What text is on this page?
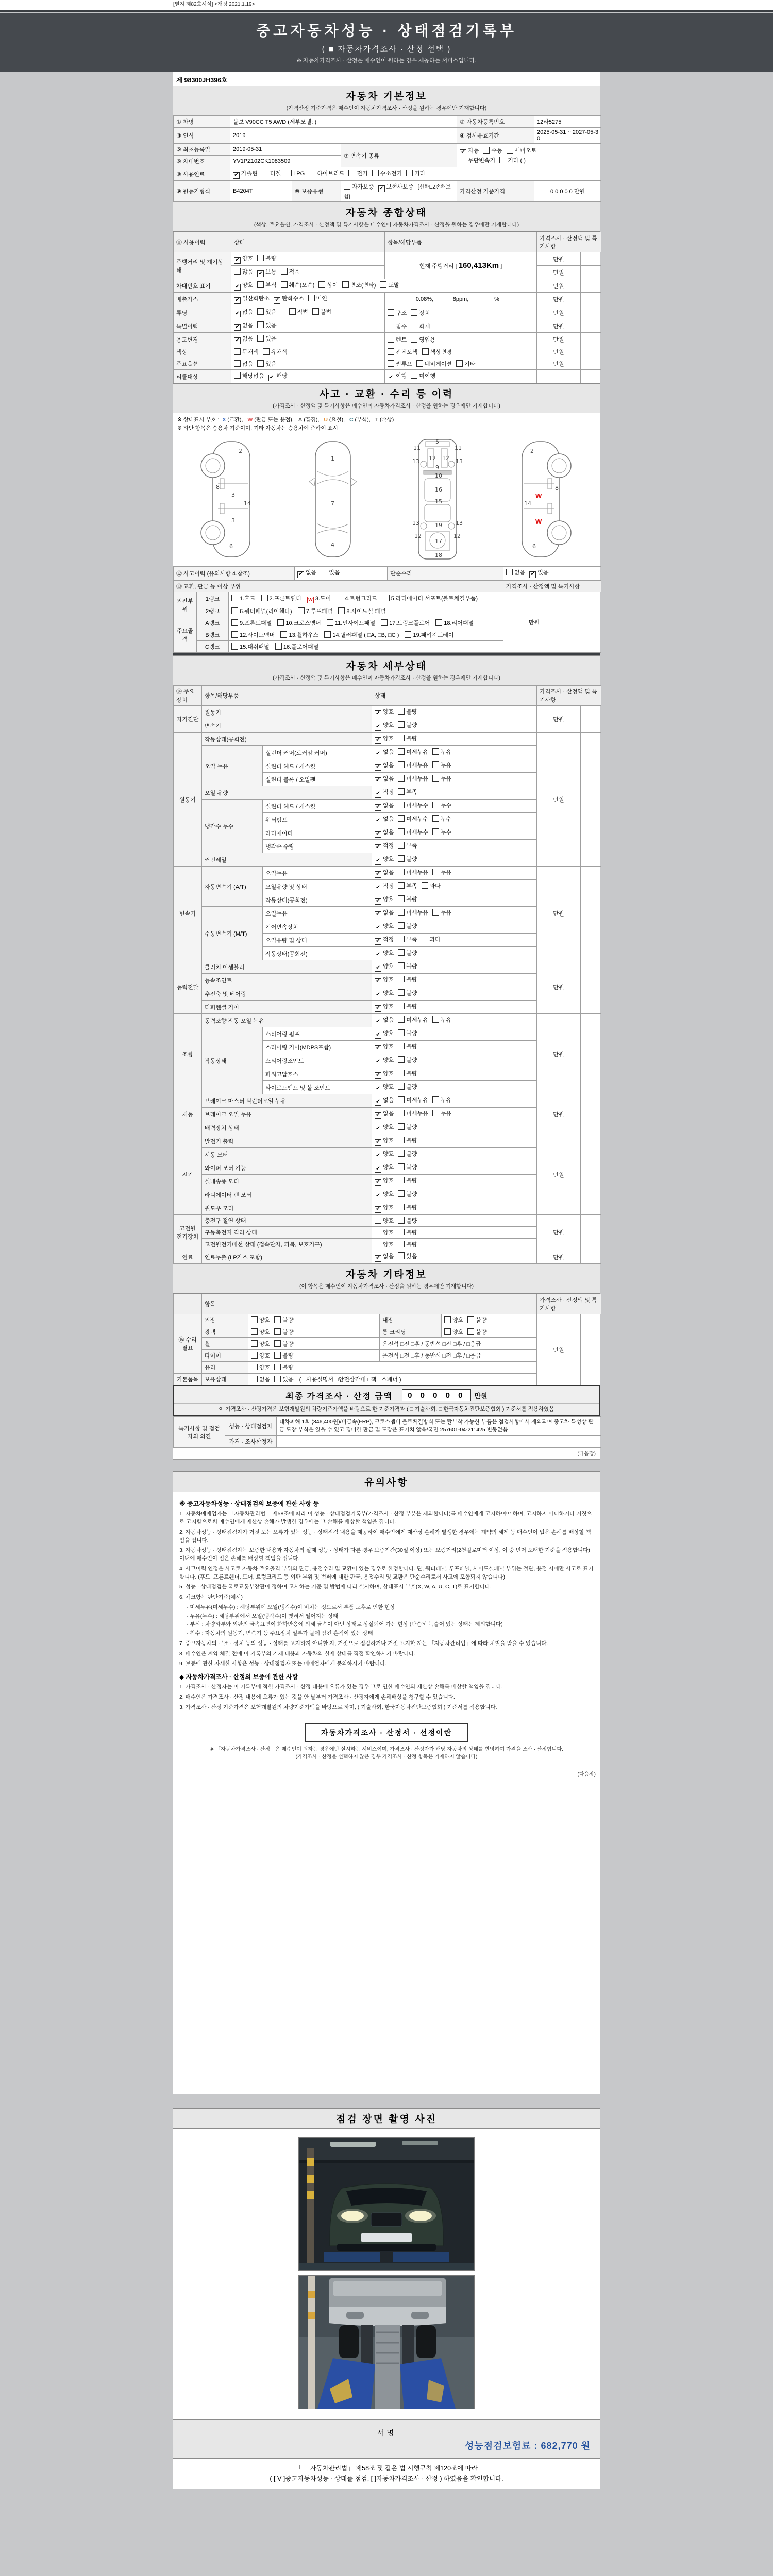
[별지 제82호서식] <개정 2021.1.19>
중고자동차성능 · 상태점검기록부
( ■ 자동차가격조사 · 산정 선택 )
※ 자동차가격조사 · 산정은 매수인이 원하는 경우 제공하는 서비스입니다.
제 98300JH396호
자동차 기본정보
(가격산정 기준가격은 매수인이 자동차가격조사 · 산정을 원하는 경우에만 기재합니다)
① 차명	볼보 V90CC T5 AWD (세부모델: )			② 자동차등록번호	12라5275
③ 연식	2019			④ 검사유효기간	2025-05-31 ~ 2027-05-30
⑤ 최초등록일	2019-05-31		⑦ 변속기 종류	✔ 자동 수동 세미오토
무단변속기 기타 ( )	

⑥ 차대번호	YV1PZ102CK1083509				
⑧ 사용연료	✔ 가솔린 디젤 LPG 하이브리드 전기 수소전기 기타				
⑨ 원동기형식	B4204T	⑩ 보증유형	자가보증 ✔ 보험사보증 [신한EZ손해보험]	가격산정 기준가격	0 0 0 0 0 만원
자동차 종합상태
(색상, 주요옵션, 가격조사 · 산정액 및 특기사항은 매수인이 자동차가격조사 · 산정을 원하는 경우에만 기재합니다)
⑪ 사용이력	상태	항목/해당부품	가격조사 · 산정액 및 특기사항	
주행거리 및 계기상태	✔ 양호 불량	현재 주행거리 [ 160,413Km ]	만원	
	많음 ✔ 보통 적음		만원	
차대번호 표기	✔ 양호 부식 훼손(오손) 상이 변조(변타) 도말		만원	
배출가스	✔ 일산화탄소 ✔ 탄화수소 매연	0.08%, 8ppm, %	만원	
튜닝	✔ 없음 있음 적법 불법	구조 장치	만원	
특별이력	✔ 없음 있음	침수 화재	만원	
용도변경	✔ 없음 있음	렌트 영업용	만원	
색상	무채색 유채색	전체도색 색상변경	만원	
주요옵션	없음 있음	썬루프 네비게이션 기타	만원	
리콜대상	해당없음 ✔ 해당	✔ 이행 미이행		
사고 · 교환 · 수리 등 이력
(가격조사 · 산정액 및 특기사항은 매수인이 자동차가격조사 · 산정을 원하는 경우에만 기재합니다)
※ 상태표시 부호 : X (교환), W (판금 또는 용접), A (흠집), U (요철), C (부식), T (손상)
※ 하단 항목은 승용차 기준이며, 기타 자동차는 승용차에 준하여 표시
2
8
3
14
3
6
1
7
4
5
11	11
13	13
12 12
9
10
16
15
13	13
12	12
17
19
18
2
8
14
W
W
6
⑫ 사고이력 (유의사항 4.참조)	✔ 없음 있음	단순수리	없음 ✔ 있음
⑬ 교환, 판금 등 이상 부위			가격조사 · 산정액 및 특기사항	
외판부위	1랭크	1.후드 2.프론트휀더 W 3.도어 4.트렁크리드 5.라디에이터 서포트(볼트체결부품)	만원	
	2랭크	6.쿼터패널(리어휀다) 7.루프패널 8.사이드실 패널		
주요골격	A랭크	9.프론트패널 10.크로스멤버 11.인사이드패널 17.트렁크플로어 18.리어패널		
	B랭크	12.사이드멤버 13.휠하우스 14.필러패널 ( □A, □B, □C ) 19.패키지트레이		
	C랭크	15.대쉬패널 16.플로어패널		
자동차 세부상태
(가격조사 · 산정액 및 특기사항은 매수인이 자동차가격조사 · 산정을 원하는 경우에만 기재합니다)
⑭ 주요장치	항목/해당부품		상태	가격조사 · 산정액 및 특기사항	
자기진단	원동기		✔ 양호 불량	만원	
	변속기		✔ 양호 불량		
원동기	작동상태(공회전)		✔ 양호 불량	만원	
	오일 누유	실린더 커버(로커암 커버)	✔ 없음 미세누유 누유		
		실린더 헤드 / 개스킷	✔ 없음 미세누유 누유		
		실린더 블록 / 오일팬	✔ 없음 미세누유 누유		
	오일 유량		✔ 적정 부족		
	냉각수 누수	실린더 헤드 / 개스킷	✔ 없음 미세누수 누수		
		워터펌프	✔ 없음 미세누수 누수		
		라디에이터	✔ 없음 미세누수 누수		
		냉각수 수량	✔ 적정 부족		
	커먼레일		✔ 양호 불량		
변속기	자동변속기 (A/T)	오일누유	✔ 없음 미세누유 누유	만원	
		오일유량 및 상태	✔ 적정 부족 과다		
		작동상태(공회전)	✔ 양호 불량		
	수동변속기 (M/T)	오일누유	✔ 없음 미세누유 누유		
		기어변속장치	✔ 양호 불량		
		오일유량 및 상태	✔ 적정 부족 과다		
		작동상태(공회전)	✔ 양호 불량		
동력전달	클러치 어셈블리		✔ 양호 불량	만원	
	등속조인트		✔ 양호 불량		
	추진축 및 베어링		✔ 양호 불량		
	디퍼렌셜 기어		✔ 양호 불량		
조향	동력조향 작동 오일 누유		✔ 없음 미세누유 누유	만원	
	작동상태	스티어링 펌프	✔ 양호 불량		
		스티어링 기어(MDPS포함)	✔ 양호 불량		
		스티어링조인트	✔ 양호 불량		
		파워고압호스	✔ 양호 불량		
		타이로드엔드 및 볼 조인트	✔ 양호 불량		
제동	브레이크 마스터 실린더오일 누유		✔ 없음 미세누유 누유	만원	
	브레이크 오일 누유		✔ 없음 미세누유 누유		
	배력장치 상태		✔ 양호 불량		
전기	발전기 출력		✔ 양호 불량	만원	
	시동 모터		✔ 양호 불량		
	와이퍼 모터 기능		✔ 양호 불량		
	실내송풍 모터		✔ 양호 불량		
	라디에이터 팬 모터		✔ 양호 불량		
	윈도우 모터		✔ 양호 불량		
고전원 전기장치	충전구 절연 상태		양호 불량	만원	
	구동축전지 격리 상태		양호 불량		
	고전원전기배선 상태 (접속단자, 피복, 보호기구)		양호 불량		
연료	연료누출 (LP가스 포함)		✔ 없음 있음	만원	
자동차 기타정보
(이 항목은 매수인이 자동차가격조사 · 산정을 원하는 경우에만 기재합니다)
	항목				가격조사 · 산정액 및 특기사항	
⑮ 수리필요	외장	양호 불량	내장	양호 불량	만원	
	광택	양호 불량	룸 크리닝	양호 불량		
	휠	양호 불량	운전석 □전 □후 / 동반석 □전 □후 / □응급			
	타이어	양호 불량	운전석 □전 □후 / 동반석 □전 □후 / □응급			
	유리	양호 불량				
기본품목	보유상태	없음 있음 ( □사용설명서 □안전삼각대 □잭 □스패너 )				
최종 가격조사 · 산정 금액	0 0 0 0 0	만원
이 가격조사 · 산정가격은 보험개발원의 차량기준가액을 바탕으로 한 기준가격과 ( □ 기술사회, □ 한국자동차진단보증협회 ) 기준서를 적용하였음
특기사항 및 점검자의 의견	성능 · 상태점검자	내차피해 1회 (346,400원)/비금속(FRP), 크로스멤버 볼트체결방식 또는 탈부착 가능한 부품은 점검사항에서 제외되며 중고차 특성상 판금 도장 부식은 있을 수 있고 경미한 판금 및 도장은 표기치 않음/국민 257601-04-211425 변동없음
	가격 · 조사산정자	
(다음장)
유의사항
※ 중고자동차성능 · 상태점검의 보증에 관한 사항 등

1. 자동차매매업자는 「자동차관리법」 제58조에 따라 이 성능 · 상태점검기록부(가격조사 · 산정 부분은 제외합니다)를 매수인에게 고지하여야 하며, 고지하지 아니하거나 거짓으로 고지함으로써 매수인에게 재산상 손해가 발생한 경우에는 그 손해를 배상할 책임을 집니다.

2. 자동차성능 · 상태점검자가 거짓 또는 오류가 있는 성능 · 상태점검 내용을 제공하여 매수인에게 재산상 손해가 발생한 경우에는 계약의 해제 등 매수인이 입은 손해를 배상할 책임을 집니다.

3. 자동차성능 · 상태점검자는 보증한 내용과 자동차의 실제 성능 · 상태가 다른 경우 보증기간(30일 이상) 또는 보증거리(2천킬로미터 이상, 이 중 먼저 도래한 기준을 적용합니다) 이내에 매수인이 입은 손해를 배상할 책임을 집니다.

4. 사고이력 인정은 사고로 자동차 주요골격 부위의 판금, 용접수리 및 교환이 있는 경우로 한정합니다. 단, 쿼터패널, 루프패널, 사이드실패널 부위는 절단, 용접 시에만 사고로 표기합니다. (후드, 프론트휀더, 도어, 트렁크리드 등 외판 부위 및 범퍼에 대한 판금, 용접수리 및 교환은 단순수리로서 사고에 포함되지 않습니다)

5. 성능 · 상태점검은 국토교통부장관이 정하여 고시하는 기준 및 방법에 따라 실시하며, 상태표시 부호(X, W, A, U, C, T)로 표기합니다.

6. 체크항목 판단기준(예시)

- 미세누유(미세누수) : 해당부위에 오일(냉각수)이 비치는 정도로서 부품 노후로 인한 현상

- 누유(누수) : 해당부위에서 오일(냉각수)이 맺혀서 떨어지는 상태

- 부식 : 차량하부와 외판의 금속표면이 화학반응에 의해 금속이 아닌 상태로 상실되어 가는 현상 (단순히 녹슬어 있는 상태는 제외합니다)

- 침수 : 자동차의 원동기, 변속기 등 주요장치 일부가 물에 잠긴 흔적이 있는 상태

7. 중고자동차의 구조 · 장치 등의 성능 · 상태를 고지하지 아니한 자, 거짓으로 점검하거나 거짓 고지한 자는 「자동차관리법」에 따라 처벌을 받을 수 있습니다.

8. 매수인은 계약 체결 전에 이 기록부의 기재 내용과 자동차의 실제 상태를 직접 확인하시기 바랍니다.

9. 보증에 관한 자세한 사항은 성능 · 상태점검자 또는 매매업자에게 문의하시기 바랍니다.

◆ 자동차가격조사 · 산정의 보증에 관한 사항

1. 가격조사 · 산정자는 이 기록부에 적힌 가격조사 · 산정 내용에 오류가 있는 경우 그로 인한 매수인의 재산상 손해를 배상할 책임을 집니다.

2. 매수인은 가격조사 · 산정 내용에 오류가 있는 것을 안 날부터 가격조사 · 산정자에게 손해배상을 청구할 수 있습니다.

3. 가격조사 · 산정 기준가격은 보험개발원의 차량기준가액을 바탕으로 하며, ( 기술사회, 한국자동차진단보증협회 ) 기준서를 적용합니다.

자동차가격조사 · 산정서 · 선정이란
※ 「자동차가격조사 · 산정」은 매수인이 원하는 경우에만 실시하는 서비스이며, 가격조사 · 산정자가 해당 자동차의 상태를 반영하여 가격을 조사 · 산정합니다.
(가격조사 · 산정을 선택하지 않은 경우 가격조사 · 산정 항목은 기재하지 않습니다)
(다음장)
점검 장면 촬영 사진
서명
성능점검보험료 : 682,770 원
「 「자동차관리법」 제58조 및 같은 법 시행규칙 제120조에 따라
( [ V ]중고자동차성능 · 상태를 점검, [ ]자동차가격조사 · 산정 ) 하였음을 확인합니다.
